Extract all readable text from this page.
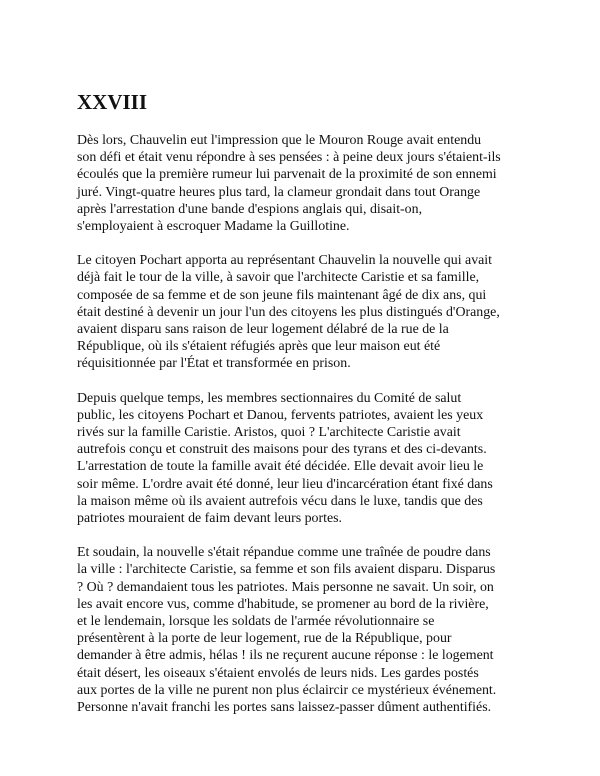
XXVIII
Dès lors, Chauvelin eut l'impression que le Mouron Rouge avait entendu
son défi et était venu répondre à ses pensées : à peine deux jours s'étaient-ils
écoulés que la première rumeur lui parvenait de la proximité de son ennemi
juré. Vingt-quatre heures plus tard, la clameur grondait dans tout Orange
après l'arrestation d'une bande d'espions anglais qui, disait-on,
s'employaient à escroquer Madame la Guillotine.
Le citoyen Pochart apporta au représentant Chauvelin la nouvelle qui avait
déjà fait le tour de la ville, à savoir que l'architecte Caristie et sa famille,
composée de sa femme et de son jeune fils maintenant âgé de dix ans, qui
était destiné à devenir un jour l'un des citoyens les plus distingués d'Orange,
avaient disparu sans raison de leur logement délabré de la rue de la
République, où ils s'étaient réfugiés après que leur maison eut été
réquisitionnée par l'État et transformée en prison.
Depuis quelque temps, les membres sectionnaires du Comité de salut
public, les citoyens Pochart et Danou, fervents patriotes, avaient les yeux
rivés sur la famille Caristie. Aristos, quoi ? L'architecte Caristie avait
autrefois conçu et construit des maisons pour des tyrans et des ci-devants.
L'arrestation de toute la famille avait été décidée. Elle devait avoir lieu le
soir même. L'ordre avait été donné, leur lieu d'incarcération étant fixé dans
la maison même où ils avaient autrefois vécu dans le luxe, tandis que des
patriotes mouraient de faim devant leurs portes.
Et soudain, la nouvelle s'était répandue comme une traînée de poudre dans
la ville : l'architecte Caristie, sa femme et son fils avaient disparu. Disparus
? Où ? demandaient tous les patriotes. Mais personne ne savait. Un soir, on
les avait encore vus, comme d'habitude, se promener au bord de la rivière,
et le lendemain, lorsque les soldats de l'armée révolutionnaire se
présentèrent à la porte de leur logement, rue de la République, pour
demander à être admis, hélas ! ils ne reçurent aucune réponse : le logement
était désert, les oiseaux s'étaient envolés de leurs nids. Les gardes postés
aux portes de la ville ne purent non plus éclaircir ce mystérieux événement.
Personne n'avait franchi les portes sans laissez-passer dûment authentifiés.
